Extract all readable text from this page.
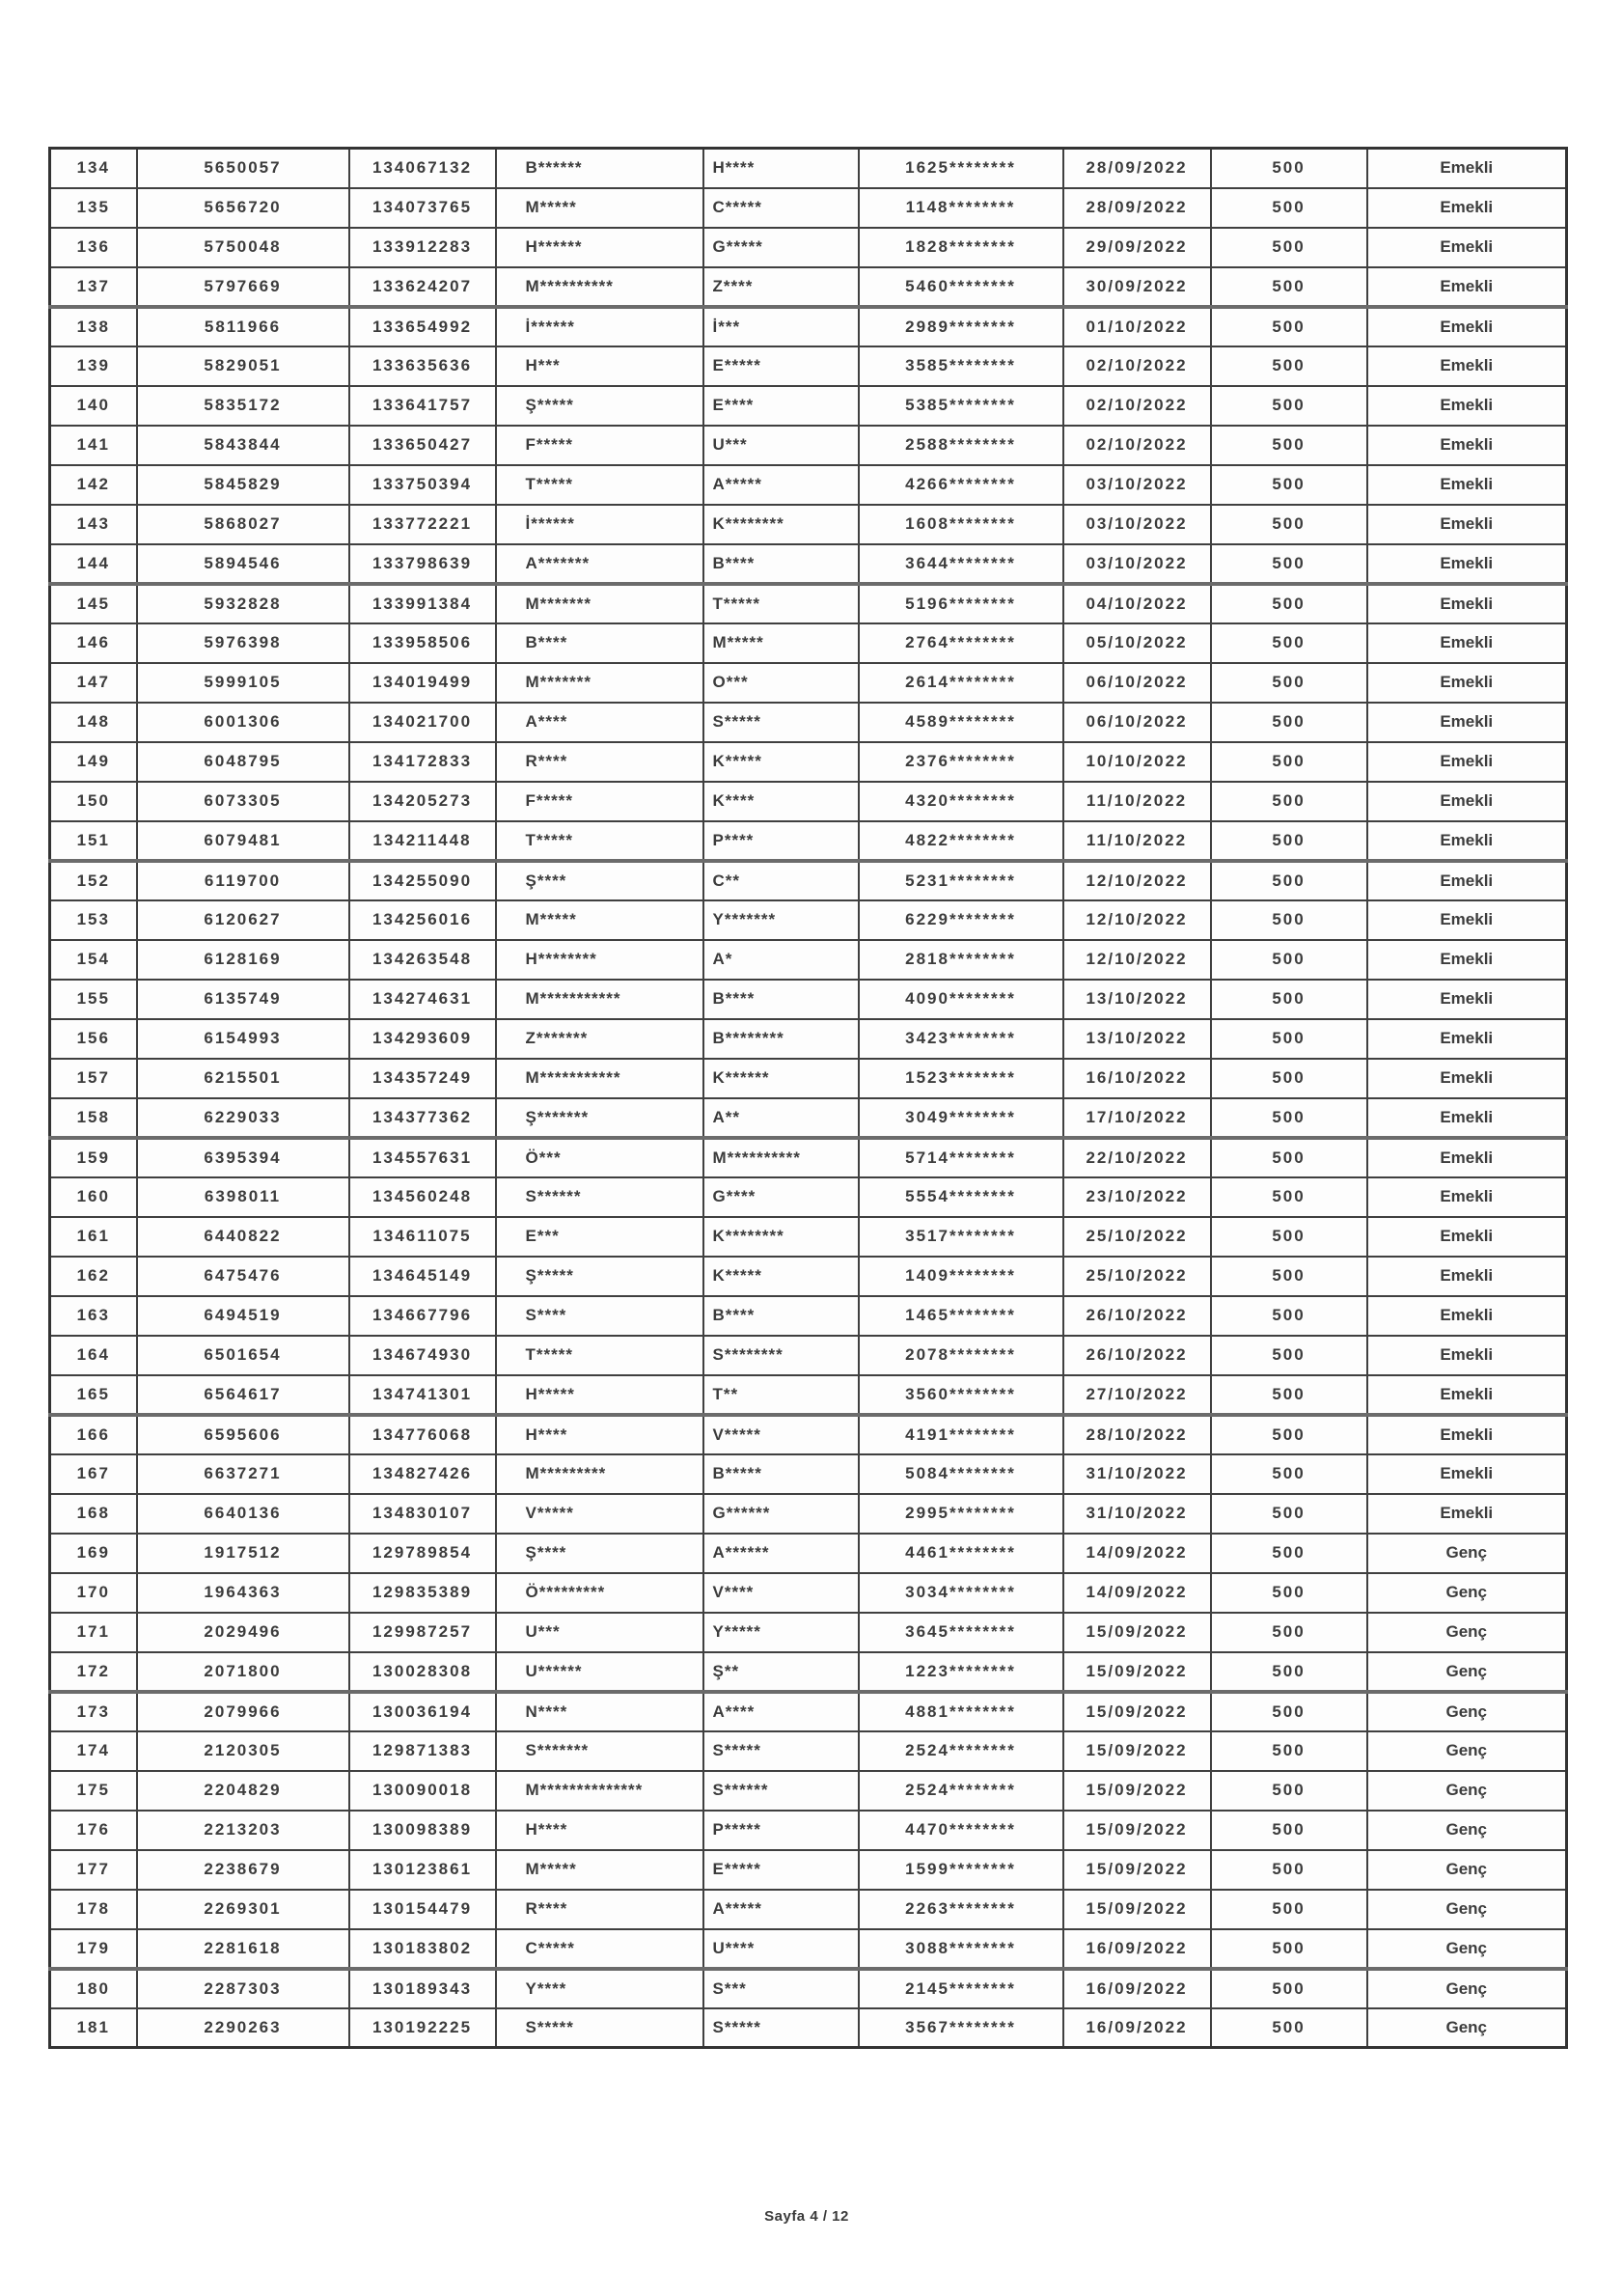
134	5650057	134067132	B******	H****	1625********	28/09/2022	500	Emekli
135	5656720	134073765	M*****	C*****	1148********	28/09/2022	500	Emekli
136	5750048	133912283	H******	G*****	1828********	29/09/2022	500	Emekli
137	5797669	133624207	M**********	Z****	5460********	30/09/2022	500	Emekli
138	5811966	133654992	İ******	İ***	2989********	01/10/2022	500	Emekli
139	5829051	133635636	H***	E*****	3585********	02/10/2022	500	Emekli
140	5835172	133641757	Ş*****	E****	5385********	02/10/2022	500	Emekli
141	5843844	133650427	F*****	U***	2588********	02/10/2022	500	Emekli
142	5845829	133750394	T*****	A*****	4266********	03/10/2022	500	Emekli
143	5868027	133772221	İ******	K********	1608********	03/10/2022	500	Emekli
144	5894546	133798639	A*******	B****	3644********	03/10/2022	500	Emekli
145	5932828	133991384	M*******	T*****	5196********	04/10/2022	500	Emekli
146	5976398	133958506	B****	M*****	2764********	05/10/2022	500	Emekli
147	5999105	134019499	M*******	O***	2614********	06/10/2022	500	Emekli
148	6001306	134021700	A****	S*****	4589********	06/10/2022	500	Emekli
149	6048795	134172833	R****	K*****	2376********	10/10/2022	500	Emekli
150	6073305	134205273	F*****	K****	4320********	11/10/2022	500	Emekli
151	6079481	134211448	T*****	P****	4822********	11/10/2022	500	Emekli
152	6119700	134255090	Ş****	C**	5231********	12/10/2022	500	Emekli
153	6120627	134256016	M*****	Y*******	6229********	12/10/2022	500	Emekli
154	6128169	134263548	H********	A*	2818********	12/10/2022	500	Emekli
155	6135749	134274631	M***********	B****	4090********	13/10/2022	500	Emekli
156	6154993	134293609	Z*******	B********	3423********	13/10/2022	500	Emekli
157	6215501	134357249	M***********	K******	1523********	16/10/2022	500	Emekli
158	6229033	134377362	Ş*******	A**	3049********	17/10/2022	500	Emekli
159	6395394	134557631	Ö***	M**********	5714********	22/10/2022	500	Emekli
160	6398011	134560248	S******	G****	5554********	23/10/2022	500	Emekli
161	6440822	134611075	E***	K********	3517********	25/10/2022	500	Emekli
162	6475476	134645149	Ş*****	K*****	1409********	25/10/2022	500	Emekli
163	6494519	134667796	S****	B****	1465********	26/10/2022	500	Emekli
164	6501654	134674930	T*****	S********	2078********	26/10/2022	500	Emekli
165	6564617	134741301	H*****	T**	3560********	27/10/2022	500	Emekli
166	6595606	134776068	H****	V*****	4191********	28/10/2022	500	Emekli
167	6637271	134827426	M*********	B*****	5084********	31/10/2022	500	Emekli
168	6640136	134830107	V*****	G******	2995********	31/10/2022	500	Emekli
169	1917512	129789854	Ş****	A******	4461********	14/09/2022	500	Genç
170	1964363	129835389	Ö*********	V****	3034********	14/09/2022	500	Genç
171	2029496	129987257	U***	Y*****	3645********	15/09/2022	500	Genç
172	2071800	130028308	U******	Ş**	1223********	15/09/2022	500	Genç
173	2079966	130036194	N****	A****	4881********	15/09/2022	500	Genç
174	2120305	129871383	S*******	S*****	2524********	15/09/2022	500	Genç
175	2204829	130090018	M**************	S******	2524********	15/09/2022	500	Genç
176	2213203	130098389	H****	P*****	4470********	15/09/2022	500	Genç
177	2238679	130123861	M*****	E*****	1599********	15/09/2022	500	Genç
178	2269301	130154479	R****	A*****	2263********	15/09/2022	500	Genç
179	2281618	130183802	C*****	U****	3088********	16/09/2022	500	Genç
180	2287303	130189343	Y****	S***	2145********	16/09/2022	500	Genç
181	2290263	130192225	S*****	S*****	3567********	16/09/2022	500	Genç
Sayfa 4 / 12
